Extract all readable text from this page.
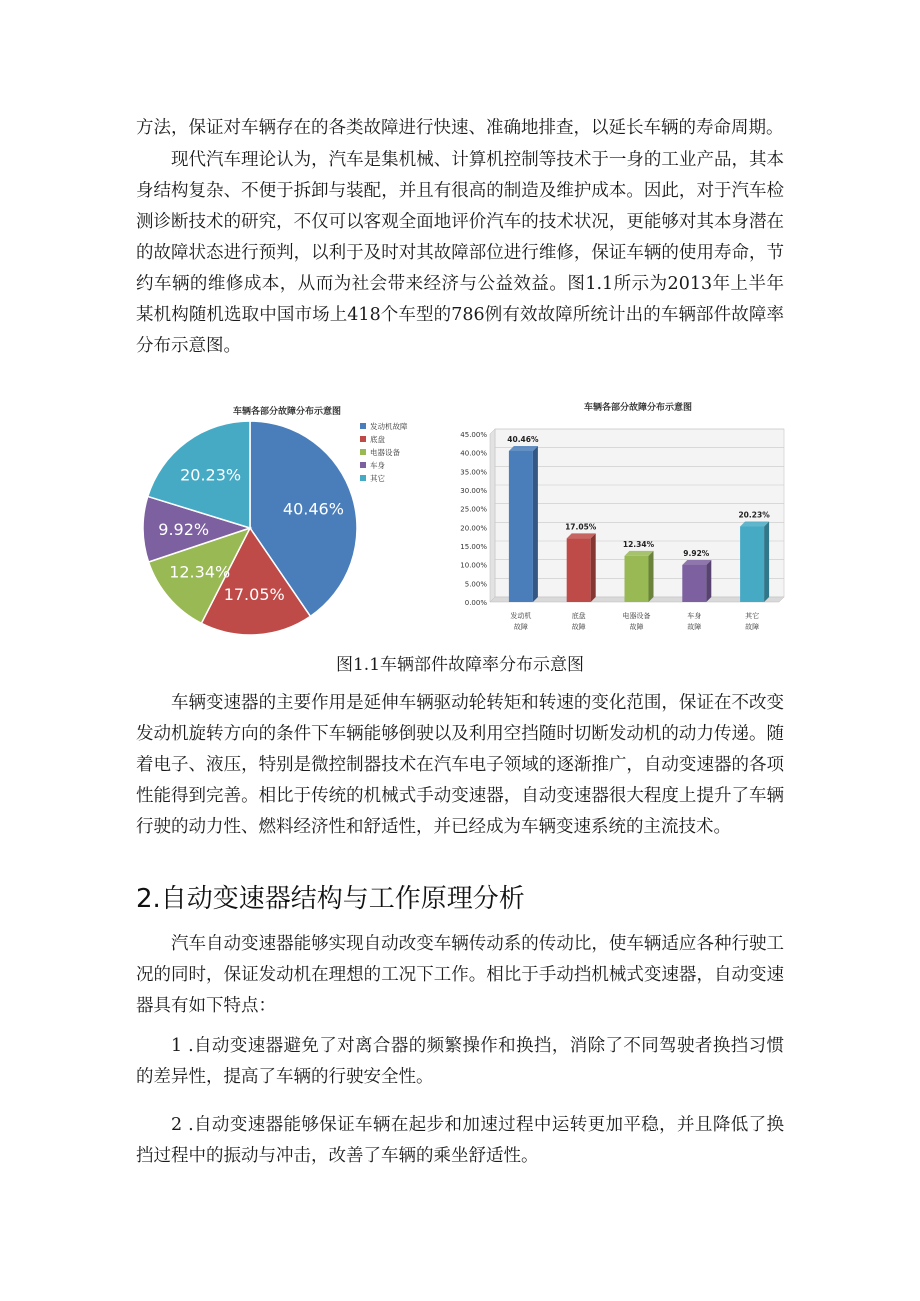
方法，保证对车辆存在的各类故障进行快速、准确地排查，以延长车辆的寿命周期。

现代汽车理论认为，汽车是集机械、计算机控制等技术于一身的工业产品，其本身结构复杂、不便于拆卸与装配，并且有很高的制造及维护成本。因此，对于汽车检测诊断技术的研究，不仅可以客观全面地评价汽车的技术状况，更能够对其本身潜在的故障状态进行预判，以利于及时对其故障部位进行维修，保证车辆的使用寿命，节约车辆的维修成本，从而为社会带来经济与公益效益。图1.1所示为2013年上半年某机构随机选取中国市场上418个车型的786例有效故障所统计出的车辆部件故障率分布示意图。

车辆各部分故障分布示意图
40.46%
17.05%
12.34%
9.92%
20.23%
发动机故障
底盘
电器设备
车身
其它
车辆各部分故障分布示意图
0.00%
5.00%
10.00%
15.00%
20.00%
25.00%
30.00%
35.00%
40.00%
45.00%	40.46%
发动机
故障
17.05%
底盘
故障
12.34%
电器设备
故障
9.92%
车身
故障
20.23%
其它
故障
图1.1车辆部件故障率分布示意图

车辆变速器的主要作用是延伸车辆驱动轮转矩和转速的变化范围，保证在不改变发动机旋转方向的条件下车辆能够倒驶以及利用空挡随时切断发动机的动力传递。随着电子、液压，特别是微控制器技术在汽车电子领域的逐渐推广，自动变速器的各项性能得到完善。相比于传统的机械式手动变速器，自动变速器很大程度上提升了车辆行驶的动力性、燃料经济性和舒适性，并已经成为车辆变速系统的主流技术。

2.自动变速器结构与工作原理分析

汽车自动变速器能够实现自动改变车辆传动系的传动比，使车辆适应各种行驶工况的同时，保证发动机在理想的工况下工作。相比于手动挡机械式变速器，自动变速器具有如下特点：

1 .自动变速器避免了对离合器的频繁操作和换挡，消除了不同驾驶者换挡习惯的差异性，提高了车辆的行驶安全性。

2 .自动变速器能够保证车辆在起步和加速过程中运转更加平稳，并且降低了换挡过程中的振动与冲击，改善了车辆的乘坐舒适性。
